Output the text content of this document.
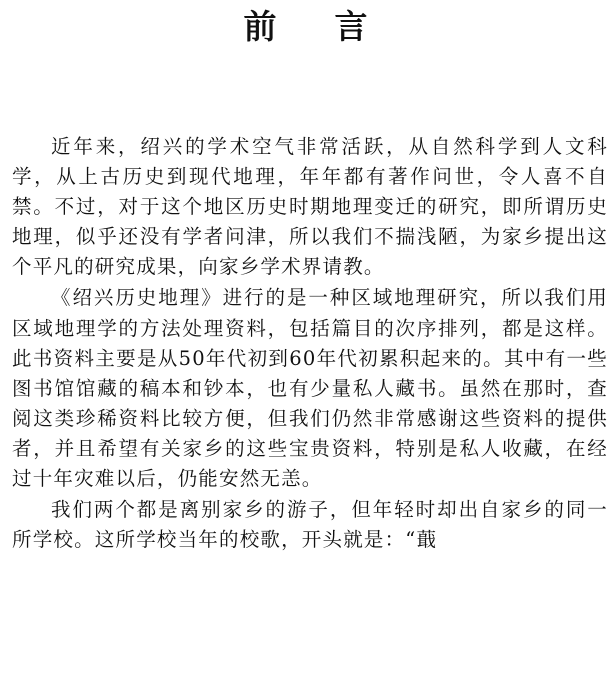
前言

近年来，绍兴的学术空气非常活跃，从自然科学到人文科学，从上古历史到现代地理，年年都有著作问世，令人喜不自禁。不过，对于这个地区历史时期地理变迁的研究，即所谓历史地理，似乎还没有学者问津，所以我们不揣浅陋，为家乡提出这个平凡的研究成果，向家乡学术界请教。

《绍兴历史地理》进行的是一种区域地理研究，所以我们用区域地理学的方法处理资料，包括篇目的次序排列，都是这样。此书资料主要是从50年代初到60年代初累积起来的。其中有一些图书馆馆藏的稿本和钞本，也有少量私人藏书。虽然在那时，查阅这类珍稀资料比较方便，但我们仍然非常感谢这些资料的提供者，并且希望有关家乡的这些宝贵资料，特别是私人收藏，在经过十年灾难以后，仍能安然无恙。

我们两个都是离别家乡的游子，但年轻时却出自家乡的同一所学校。这所学校当年的校歌，开头就是：“蕺
